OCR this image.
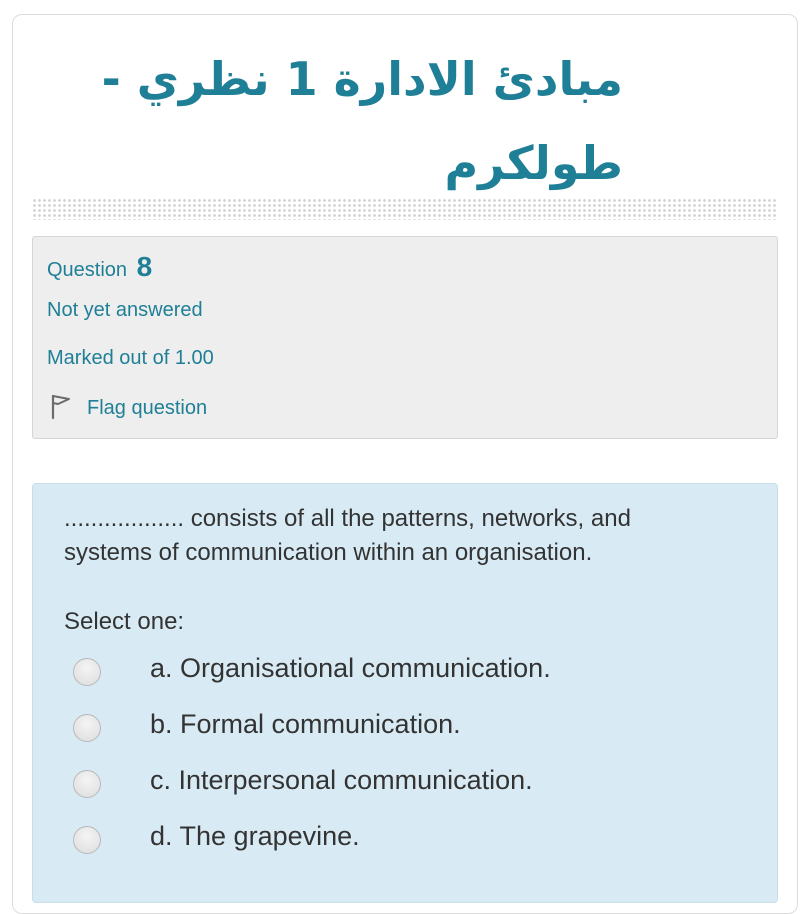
مبادئ الادارة 1 نظري - طولكرم
Question 8
Not yet answered
Marked out of 1.00
Flag question

.................. consists of all the patterns, networks, and systems of communication within an organisation.

Select one:
a. Organisational communication.
b. Formal communication.
c. Interpersonal communication.
d. The grapevine.
